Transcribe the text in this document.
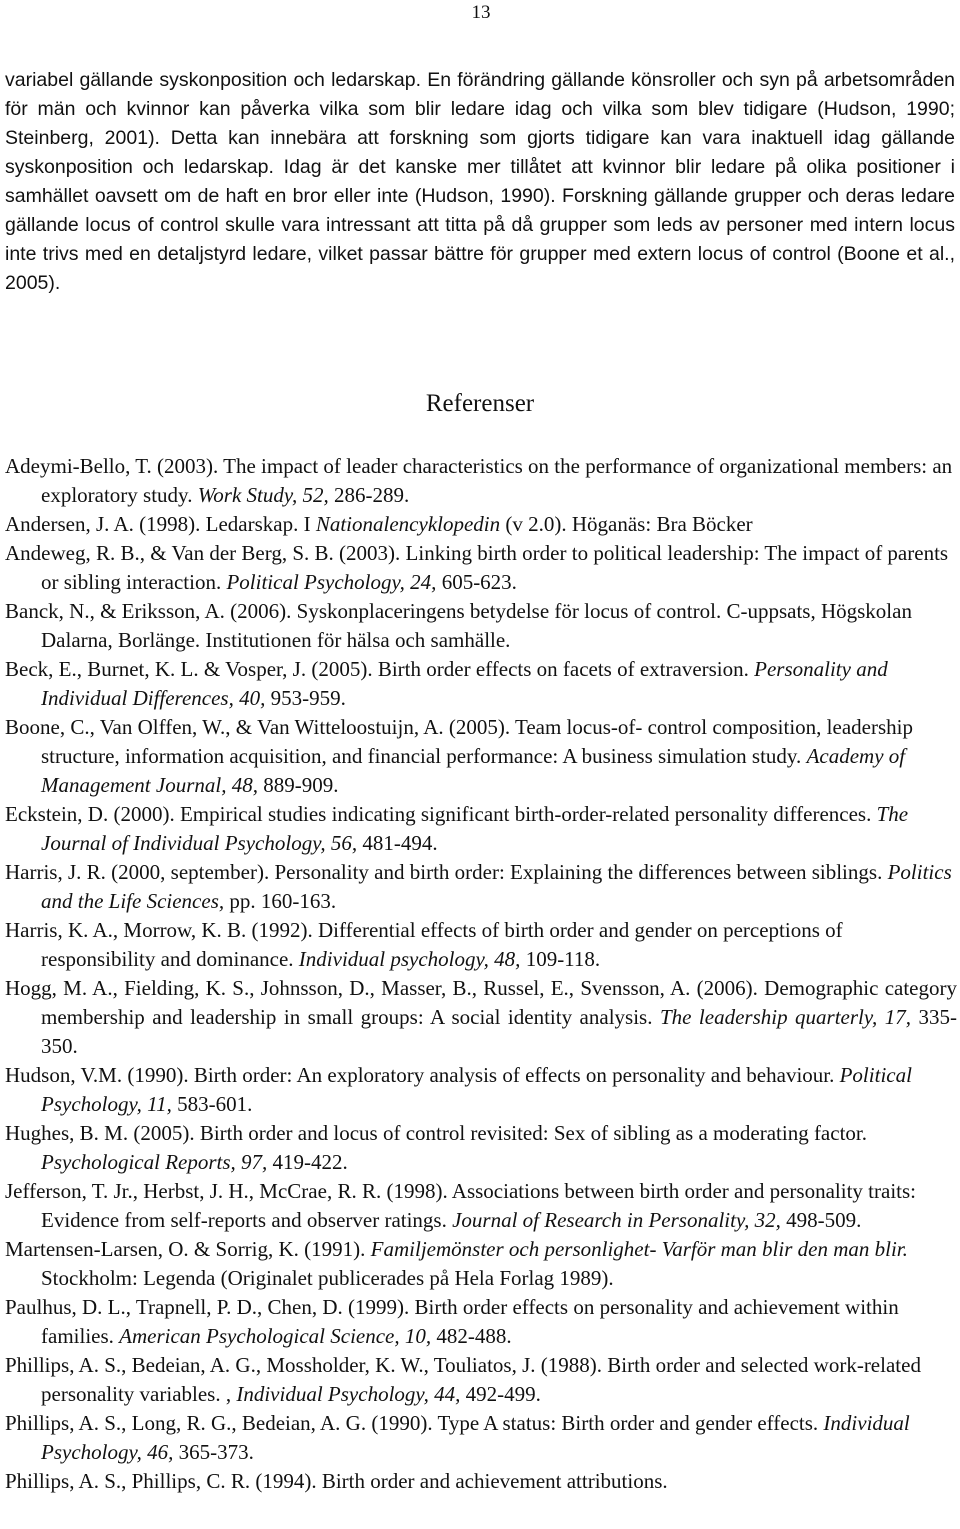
13

variabel gällande syskonposition och ledarskap. En förändring gällande könsroller och syn på arbetsområden för män och kvinnor kan påverka vilka som blir ledare idag och vilka som blev tidigare (Hudson, 1990; Steinberg, 2001). Detta kan innebära att forskning som gjorts tidigare kan vara inaktuell idag gällande syskonposition och ledarskap. Idag är det kanske mer tillåtet att kvinnor blir ledare på olika positioner i samhället oavsett om de haft en bror eller inte (Hudson, 1990). Forskning gällande grupper och deras ledare gällande locus of control skulle vara intressant att titta på då grupper som leds av personer med intern locus inte trivs med en detaljstyrd ledare, vilket passar bättre för grupper med extern locus of control (Boone et al., 2005).

Referenser
Adeymi-Bello, T. (2003). The impact of leader characteristics on the performance of organizational members: an exploratory study. Work Study, 52, 286-289.
Andersen, J. A. (1998). Ledarskap. I Nationalencyklopedin (v 2.0). Höganäs: Bra Böcker
Andeweg, R. B., & Van der Berg, S. B. (2003). Linking birth order to political leadership: The impact of parents or sibling interaction. Political Psychology, 24, 605-623.
Banck, N., & Eriksson, A. (2006). Syskonplaceringens betydelse för locus of control. C-uppsats, Högskolan Dalarna, Borlänge. Institutionen för hälsa och samhälle.
Beck, E., Burnet, K. L. & Vosper, J. (2005). Birth order effects on facets of extraversion. Personality and Individual Differences, 40, 953-959.
Boone, C., Van Olffen, W., & Van Witteloostuijn, A. (2005). Team locus-of- control composition, leadership structure, information acquisition, and financial performance: A business simulation study. Academy of Management Journal, 48, 889-909.
Eckstein, D. (2000). Empirical studies indicating significant birth-order-related personality differences. The Journal of Individual Psychology, 56, 481-494.
Harris, J. R. (2000, september). Personality and birth order: Explaining the differences between siblings. Politics and the Life Sciences, pp. 160-163.
Harris, K. A., Morrow, K. B. (1992). Differential effects of birth order and gender on perceptions of responsibility and dominance. Individual psychology, 48, 109-118.
Hogg, M. A., Fielding, K. S., Johnsson, D., Masser, B., Russel, E., Svensson, A. (2006). Demographic category membership and leadership in small groups: A social identity analysis. The leadership quarterly, 17, 335-350.
Hudson, V.M. (1990). Birth order: An exploratory analysis of effects on personality and behaviour. Political Psychology, 11, 583-601.
Hughes, B. M. (2005). Birth order and locus of control revisited: Sex of sibling as a moderating factor. Psychological Reports, 97, 419-422.
Jefferson, T. Jr., Herbst, J. H., McCrae, R. R. (1998). Associations between birth order and personality traits: Evidence from self-reports and observer ratings. Journal of Research in Personality, 32, 498-509.
Martensen-Larsen, O. & Sorrig, K. (1991). Familjemönster och personlighet- Varför man blir den man blir. Stockholm: Legenda (Originalet publicerades på Hela Forlag 1989).
Paulhus, D. L., Trapnell, P. D., Chen, D. (1999). Birth order effects on personality and achievement within families. American Psychological Science, 10, 482-488.
Phillips, A. S., Bedeian, A. G., Mossholder, K. W., Touliatos, J. (1988). Birth order and selected work-related personality variables. , Individual Psychology, 44, 492-499.
Phillips, A. S., Long, R. G., Bedeian, A. G. (1990). Type A status: Birth order and gender effects. Individual Psychology, 46, 365-373.
Phillips, A. S., Phillips, C. R. (1994). Birth order and achievement attributions.
